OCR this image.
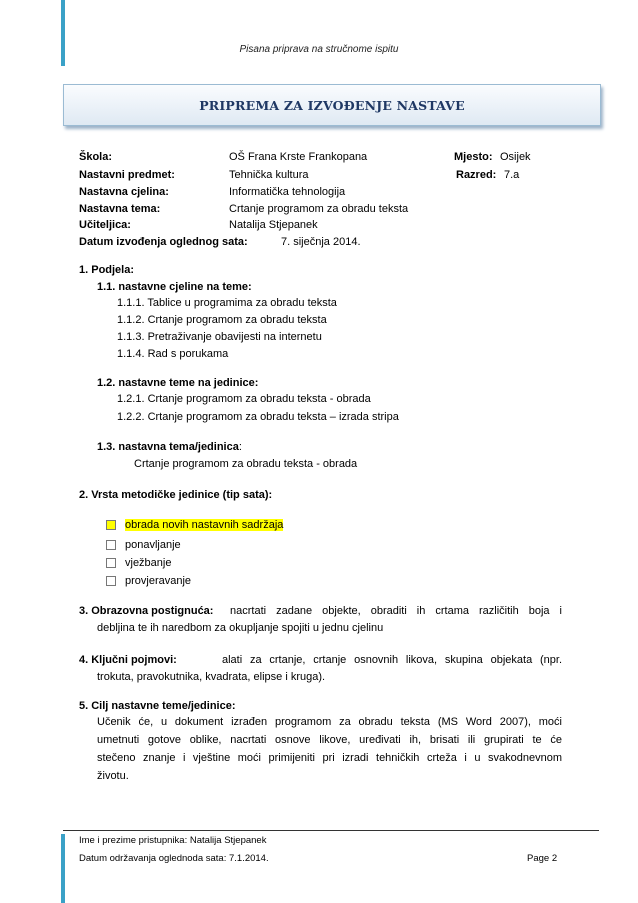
Pisana priprava na stručnome ispitu
PRIPREMA ZA IZVOĐENJE NASTAVE
Škola:	OŠ Frana Krste Frankopana	Mjesto: Osijek
Nastavni predmet:	Tehnička kultura	Razred: 7.a
Nastavna cjelina:	Informatička tehnologija
Nastavna tema:	Crtanje programom za obradu teksta
Učiteljica:	Natalija Stjepanek
Datum izvođenja oglednog sata:	7. siječnja 2014.
1. Podjela:
1.1. nastavne cjeline na teme:
1.1.1. Tablice u programima za obradu teksta
1.1.2. Crtanje programom za obradu teksta
1.1.3. Pretraživanje obavijesti na internetu
1.1.4. Rad s porukama
1.2. nastavne teme na jedinice:
1.2.1. Crtanje programom za obradu teksta - obrada
1.2.2. Crtanje programom za obradu teksta – izrada stripa
1.3. nastavna tema/jedinica:
Crtanje programom za obradu teksta - obrada
2. Vrsta metodičke jedinice (tip sata):
obrada novih nastavnih sadržaja
ponavljanje
vježbanje
provjeravanje
3. Obrazovna postignuća: nacrtati zadane objekte, obraditi ih crtama različitih boja i
debljina te ih naredbom za okupljanje spojiti u jednu cjelinu
4. Ključni pojmovi:	alati za crtanje, crtanje osnovnih likova, skupina objekata (npr.
trokuta, pravokutnika, kvadrata, elipse i kruga).
5. Cilj nastavne teme/jedinice:
Učenik će, u dokument izrađen programom za obradu teksta (MS Word 2007), moći
umetnuti gotove oblike, nacrtati osnove likove, uređivati ih, brisati ili grupirati te će
stečeno znanje i vještine moći primijeniti pri izradi tehničkih crteža i u svakodnevnom
životu.
Ime i prezime pristupnika: Natalija Stjepanek
Datum održavanja oglednoda sata: 7.1.2014.	Page 2
